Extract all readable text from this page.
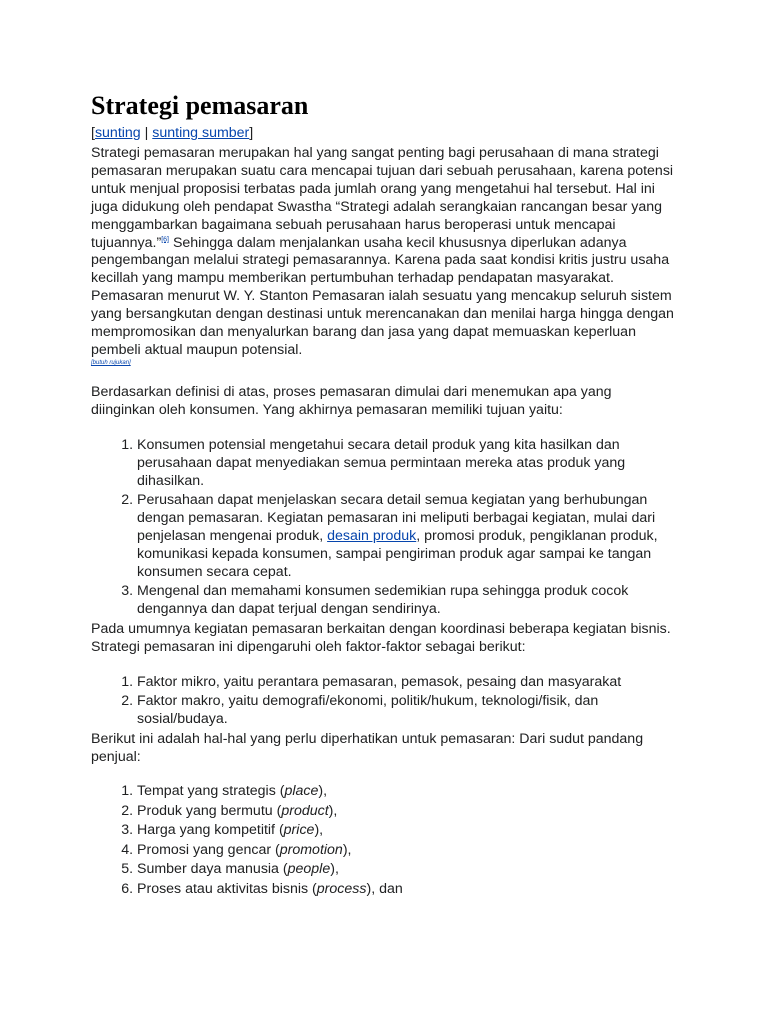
Strategi pemasaran
[sunting | sunting sumber]

Strategi pemasaran merupakan hal yang sangat penting bagi perusahaan di mana strategi pemasaran merupakan suatu cara mencapai tujuan dari sebuah perusahaan, karena potensi untuk menjual proposisi terbatas pada jumlah orang yang mengetahui hal tersebut. Hal ini juga didukung oleh pendapat Swastha “Strategi adalah serangkaian rancangan besar yang menggambarkan bagaimana sebuah perusahaan harus beroperasi untuk mencapai tujuannya.”[6] Sehingga dalam menjalankan usaha kecil khususnya diperlukan adanya pengembangan melalui strategi pemasarannya. Karena pada saat kondisi kritis justru usaha kecillah yang mampu memberikan pertumbuhan terhadap pendapatan masyarakat. Pemasaran menurut W. Y. Stanton Pemasaran ialah sesuatu yang mencakup seluruh sistem yang bersangkutan dengan destinasi untuk merencanakan dan menilai harga hingga dengan mempromosikan dan menyalurkan barang dan jasa yang dapat memuaskan keperluan pembeli aktual maupun potensial.
[butuh rujukan]

Berdasarkan definisi di atas, proses pemasaran dimulai dari menemukan apa yang diinginkan oleh konsumen. Yang akhirnya pemasaran memiliki tujuan yaitu:

1. Konsumen potensial mengetahui secara detail produk yang kita hasilkan dan perusahaan dapat menyediakan semua permintaan mereka atas produk yang dihasilkan.
2. Perusahaan dapat menjelaskan secara detail semua kegiatan yang berhubungan dengan pemasaran. Kegiatan pemasaran ini meliputi berbagai kegiatan, mulai dari penjelasan mengenai produk, desain produk, promosi produk, pengiklanan produk, komunikasi kepada konsumen, sampai pengiriman produk agar sampai ke tangan konsumen secara cepat.
3. Mengenal dan memahami konsumen sedemikian rupa sehingga produk cocok dengannya dan dapat terjual dengan sendirinya.

Pada umumnya kegiatan pemasaran berkaitan dengan koordinasi beberapa kegiatan bisnis. Strategi pemasaran ini dipengaruhi oleh faktor-faktor sebagai berikut:

1. Faktor mikro, yaitu perantara pemasaran, pemasok, pesaing dan masyarakat
2. Faktor makro, yaitu demografi/ekonomi, politik/hukum, teknologi/fisik, dan sosial/budaya.

Berikut ini adalah hal-hal yang perlu diperhatikan untuk pemasaran: Dari sudut pandang penjual:

1. Tempat yang strategis (place),
2. Produk yang bermutu (product),
3. Harga yang kompetitif (price),
4. Promosi yang gencar (promotion),
5. Sumber daya manusia (people),
6. Proses atau aktivitas bisnis (process), dan
